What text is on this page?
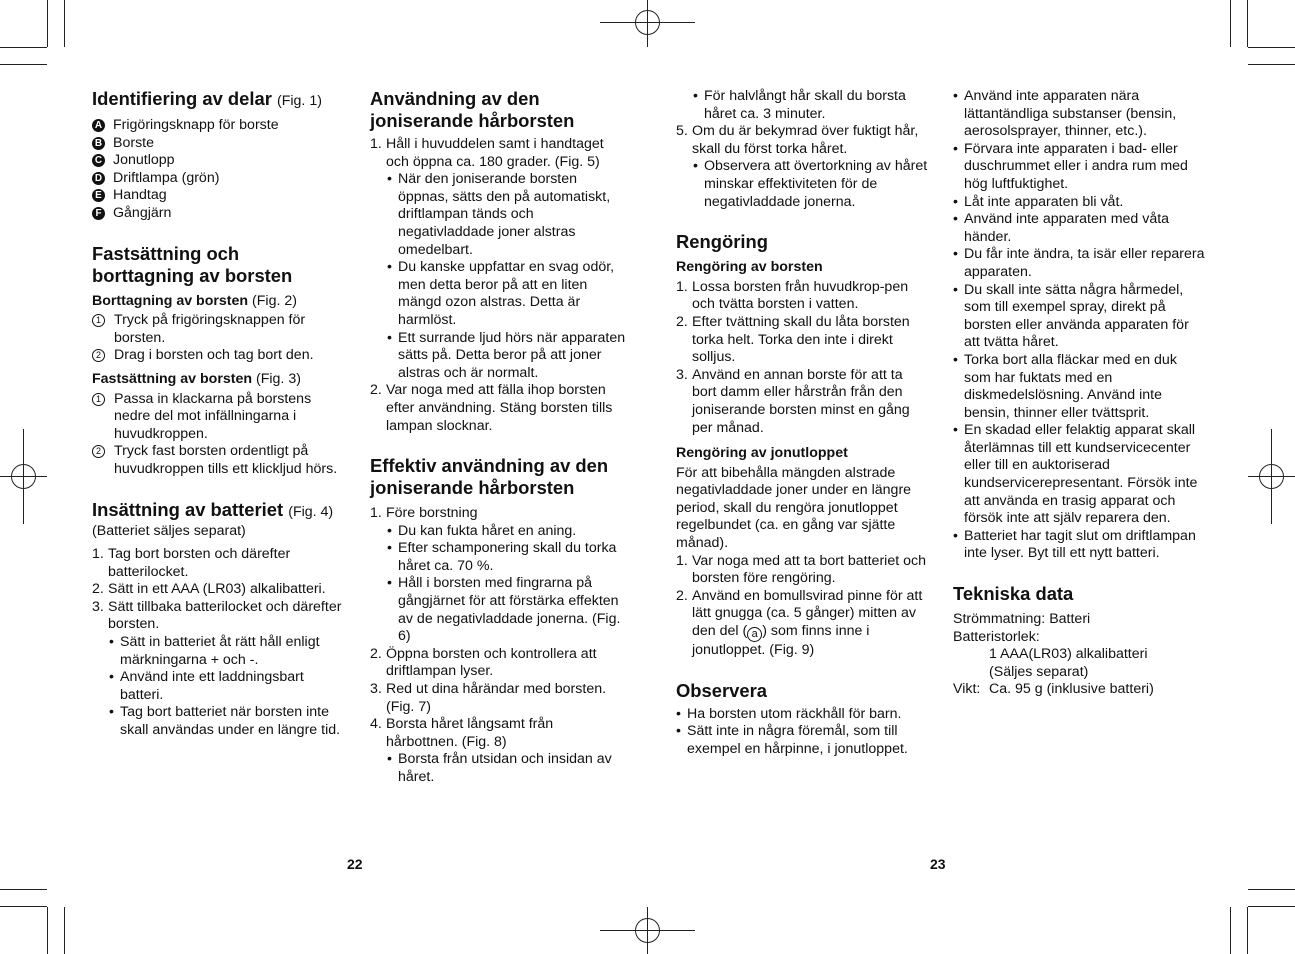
Identifiering av delar (Fig. 1)
A Frigöringsknapp för borste
B Borste
C Jonutlopp
D Driftlampa (grön)
E Handtag
F Gångjärn
Fastsättning och borttagning av borsten

Borttagning av borsten (Fig. 2)

1 Tryck på frigöringsknappen för borsten.
2 Drag i borsten och tag bort den.

Fastsättning av borsten (Fig. 3)

1 Passa in klackarna på borstens nedre del mot infällningarna i huvudkroppen.
2 Tryck fast borsten ordentligt på huvudkroppen tills ett klickljud hörs.
Insättning av batteriet (Fig. 4)

(Batteriet säljes separat)

1. Tag bort borsten och därefter batterilocket.
2. Sätt in ett AAA (LR03) alkalibatteri.
3. Sätt tillbaka batterilocket och därefter borsten.
• Sätt in batteriet åt rätt håll enligt märkningarna + och -.
• Använd inte ett laddningsbart batteri.
• Tag bort batteriet när borsten inte skall användas under en längre tid.
Användning av den joniserande hårborsten
1. Håll i huvuddelen samt i handtaget och öppna ca. 180 grader. (Fig. 5)
• När den joniserande borsten öppnas, sätts den på automatiskt, driftlampan tänds och negativladdade joner alstras omedelbart.
• Du kanske uppfattar en svag odör, men detta beror på att en liten mängd ozon alstras. Detta är harmlöst.
• Ett surrande ljud hörs när apparaten sätts på. Detta beror på att joner alstras och är normalt.
2. Var noga med att fälla ihop borsten efter användning. Stäng borsten tills lampan slocknar.
Effektiv användning av den joniserande hårborsten
1. Före borstning
• Du kan fukta håret en aning.
• Efter schamponering skall du torka håret ca. 70 %.
• Håll i borsten med fingrarna på gångjärnet för att förstärka effekten av de negativladdade jonerna. (Fig. 6)
2. Öppna borsten och kontrollera att driftlampan lyser.
3. Red ut dina hårändar med borsten. (Fig. 7)
4. Borsta håret långsamt från hårbottnen. (Fig. 8)
• Borsta från utsidan och insidan av håret.
• För halvlångt hår skall du borsta håret ca. 3 minuter.
5. Om du är bekymrad över fuktigt hår, skall du först torka håret.
• Observera att övertorkning av håret minskar effektiviteten för de negativladdade jonerna.
Rengöring

Rengöring av borsten

1. Lossa borsten från huvudkrop-pen och tvätta borsten i vatten.
2. Efter tvättning skall du låta borsten torka helt. Torka den inte i direkt solljus.
3. Använd en annan borste för att ta bort damm eller hårstrån från den joniserande borsten minst en gång per månad.

Rengöring av jonutloppet

För att bibehålla mängden alstrade negativladdade joner under en längre period, skall du rengöra jonutloppet regelbundet (ca. en gång var sjätte månad).

1. Var noga med att ta bort batteriet och borsten före rengöring.
2. Använd en bomullsvirad pinne för att lätt gnugga (ca. 5 gånger) mitten av den del ( a ) som finns inne i jonutloppet. (Fig. 9)
Observera
• Ha borsten utom räckhåll för barn.
• Sätt inte in några föremål, som till exempel en hårpinne, i jonutloppet.
• Använd inte apparaten nära lättantändliga substanser (bensin, aerosolsprayer, thinner, etc.).
• Förvara inte apparaten i bad- eller duschrummet eller i andra rum med hög luftfuktighet.
• Låt inte apparaten bli våt.
• Använd inte apparaten med våta händer.
• Du får inte ändra, ta isär eller reparera apparaten.
• Du skall inte sätta några hårmedel, som till exempel spray, direkt på borsten eller använda apparaten för att tvätta håret.
• Torka bort alla fläckar med en duk som har fuktats med en diskmedelslösning. Använd inte bensin, thinner eller tvättsprit.
• En skadad eller felaktig apparat skall återlämnas till ett kundservicecenter eller till en auktoriserad kundservicerepresentant. Försök inte att använda en trasig apparat och försök inte att själv reparera den.
• Batteriet har tagit slut om driftlampan inte lyser. Byt till ett nytt batteri.
Tekniska data

Strömmatning: Batteri

Batteristorlek:

1 AAA(LR03) alkalibatteri

(Säljes separat)

Vikt: Ca. 95 g (inklusive batteri)
22	23
